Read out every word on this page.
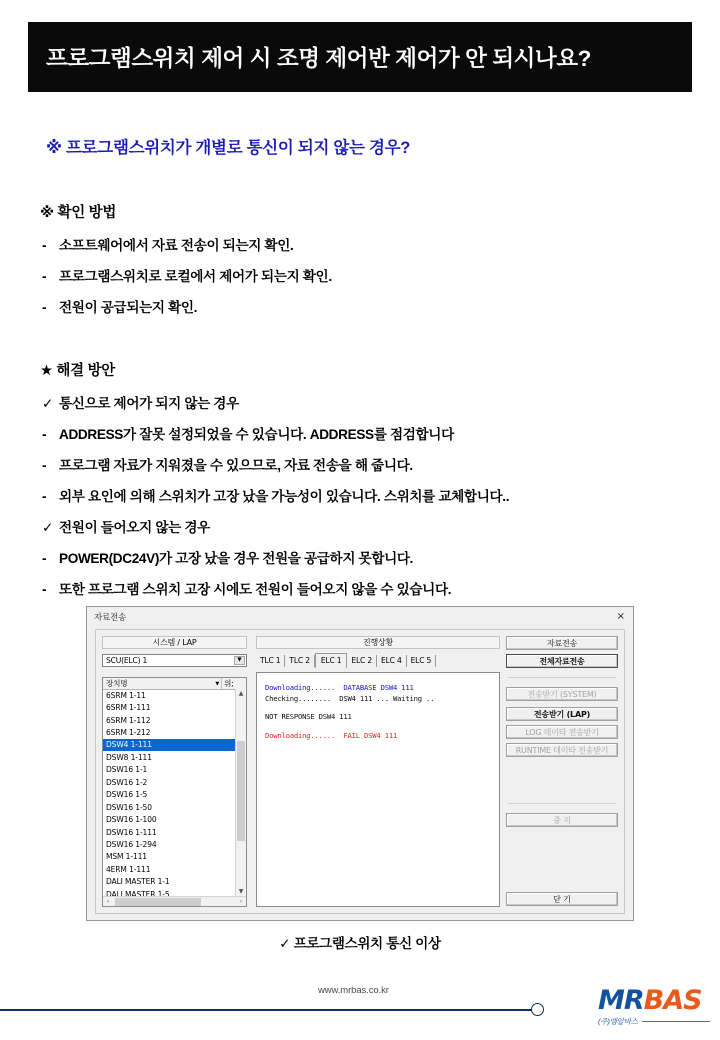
프로그램스위치 제어 시 조명 제어반 제어가 안 되시나요?
※ 프로그램스위치가 개별로 통신이 되지 않는 경우?
※ 확인 방법
- 소프트웨어에서 자료 전송이 되는지 확인.
- 프로그램스위치로 로컬에서 제어가 되는지 확인.
- 전원이 공급되는지 확인.
★ 해결 방안
✓ 통신으로 제어가 되지 않는 경우
- ADDRESS가 잘못 설정되었을 수 있습니다. ADDRESS를 점검합니다
- 프로그램 자료가 지워졌을 수 있으므로, 자료 전송을 해 줍니다.
- 외부 요인에 의해 스위치가 고장 났을 가능성이 있습니다. 스위치를 교체합니다..
✓ 전원이 들어오지 않는 경우
- POWER(DC24V)가 고장 났을 경우 전원을 공급하지 못합니다.
- 또한 프로그램 스위치 고장 시에도 전원이 들어오지 않을 수 있습니다.
자료전송	×
시스템 / LAP
SCU(ELC) 1	▼
장치명	▼ 위;
6SRM 1-11
6SRM 1-111
6SRM 1-112
6SRM 1-212
DSW4 1-111
DSW8 1-111
DSW16 1-1
DSW16 1-2
DSW16 1-5
DSW16 1-50
DSW16 1-100
DSW16 1-111
DSW16 1-294
MSM 1-111
4ERM 1-111
DALI MASTER 1-1
DALI MASTER 1-5
▲
▼
‹	›
진행상황
TLC 1	TLC 2	ELC 1	ELC 2	ELC 4	ELC 5
Downloading......  DATABASE DSW4 111
Checking........  DSW4 111 ... Waiting ..
NOT RESPONSE DSW4 111
Downloading......  FAIL DSW4 111
자료전송
전체자료전송
전송받기 (SYSTEM)
전송받기 (LAP)
LOG 데이타 전송받기
RUNTIME 데이타 전송받기
중 지
닫 기
✓ 프로그램스위치 통신 이상
www.mrbas.co.kr	MRBAS
(주)엠알바스
